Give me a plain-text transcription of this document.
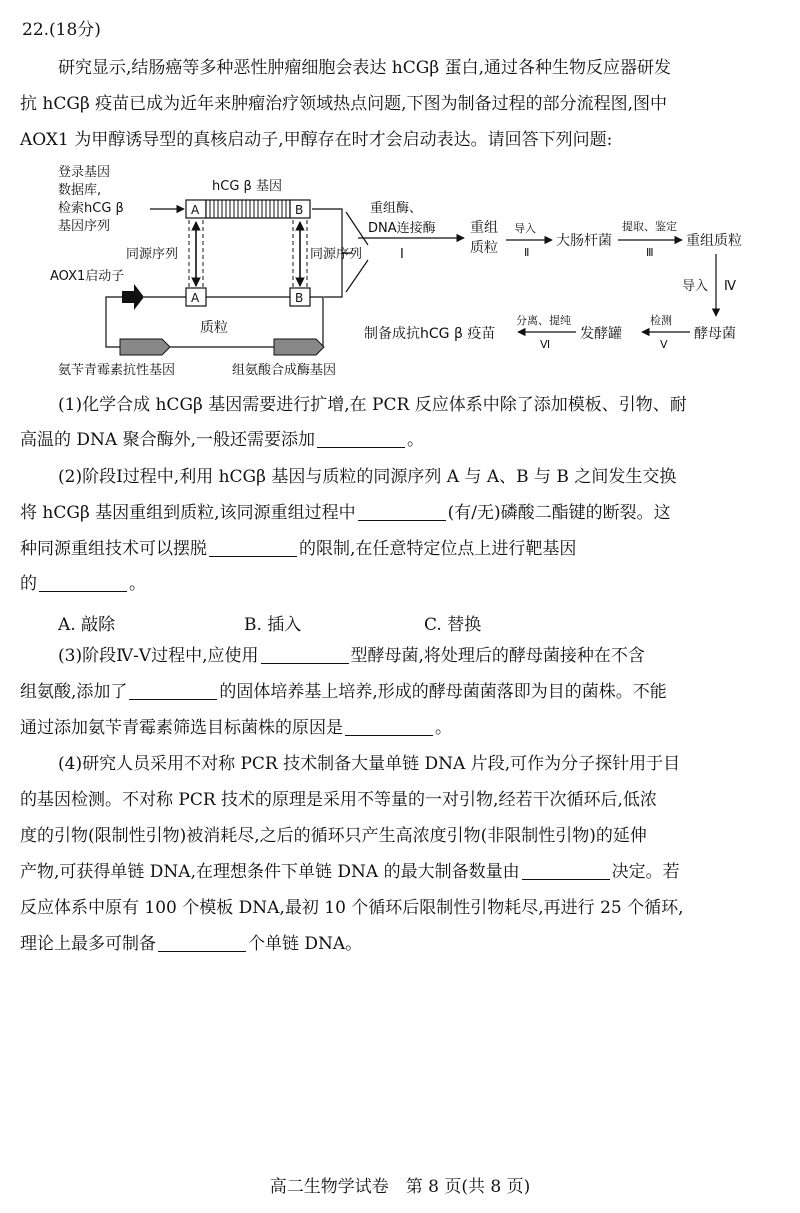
22.(18分)
研究显示,结肠癌等多种恶性肿瘤细胞会表达 hCGβ 蛋白,通过各种生物反应器研发
抗 hCGβ 疫苗已成为近年来肿瘤治疗领域热点问题,下图为制备过程的部分流程图,图中
AOX1 为甲醇诱导型的真核启动子,甲醇存在时才会启动表达。请回答下列问题:
登录基因
数据库,
检索hCG β
基因序列
hCG β 基因
A	B
同源序列	同源序列
AOX1启动子
A	B
质粒
氨苄青霉素抗性基因	组氨酸合成酶基因
重组酶、
DNA连接酶
Ⅰ
重组
质粒
导入
Ⅱ
大肠杆菌
提取、鉴定
Ⅲ
重组质粒
导入 Ⅳ
酵母菌
检测
Ⅴ
发酵罐
分离、提纯
Ⅵ
制备成抗hCG β 疫苗
(1)化学合成 hCGβ 基因需要进行扩增,在 PCR 反应体系中除了添加模板、引物、耐
高温的 DNA 聚合酶外,一般还需要添加	。
(2)阶段Ⅰ过程中,利用 hCGβ 基因与质粒的同源序列 A 与 A、B 与 B 之间发生交换
将 hCGβ 基因重组到质粒,该同源重组过程中	(有/无)磷酸二酯键的断裂。这
种同源重组技术可以摆脱	的限制,在任意特定位点上进行靶基因
的	。
A. 敲除	B. 插入	C. 替换
(3)阶段Ⅳ-Ⅴ过程中,应使用	型酵母菌,将处理后的酵母菌接种在不含
组氨酸,添加了	的固体培养基上培养,形成的酵母菌菌落即为目的菌株。不能
通过添加氨苄青霉素筛选目标菌株的原因是	。
(4)研究人员采用不对称 PCR 技术制备大量单链 DNA 片段,可作为分子探针用于目
的基因检测。不对称 PCR 技术的原理是采用不等量的一对引物,经若干次循环后,低浓
度的引物(限制性引物)被消耗尽,之后的循环只产生高浓度引物(非限制性引物)的延伸
产物,可获得单链 DNA,在理想条件下单链 DNA 的最大制备数量由	决定。若
反应体系中原有 100 个模板 DNA,最初 10 个循环后限制性引物耗尽,再进行 25 个循环,
理论上最多可制备	个单链 DNA。
高二生物学试卷　第 8 页(共 8 页)
